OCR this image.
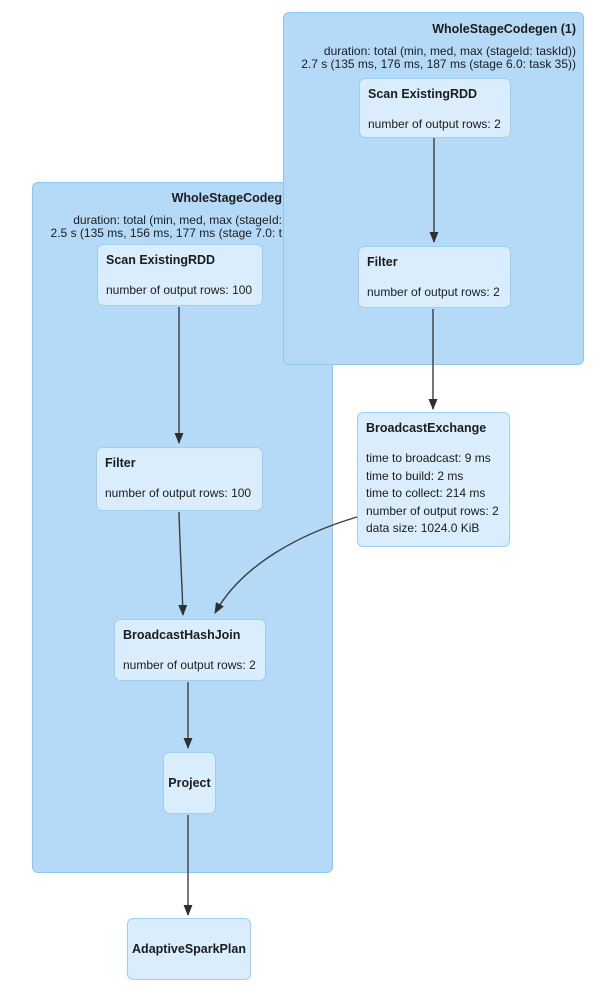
WholeStageCodeg
duration: total (min, med, max (stageId:
2.5 s (135 ms, 156 ms, 177 ms (stage 7.0: t
Scan ExistingRDD
number of output rows: 100
Filter
number of output rows: 100
BroadcastHashJoin
number of output rows: 2
Project
WholeStageCodegen (1)
duration: total (min, med, max (stageId: taskId))
2.7 s (135 ms, 176 ms, 187 ms (stage 6.0: task 35))
Scan ExistingRDD
number of output rows: 2
Filter
number of output rows: 2
BroadcastExchange
time to broadcast: 9 ms
time to build: 2 ms
time to collect: 214 ms
number of output rows: 2
data size: 1024.0 KiB
AdaptiveSparkPlan
